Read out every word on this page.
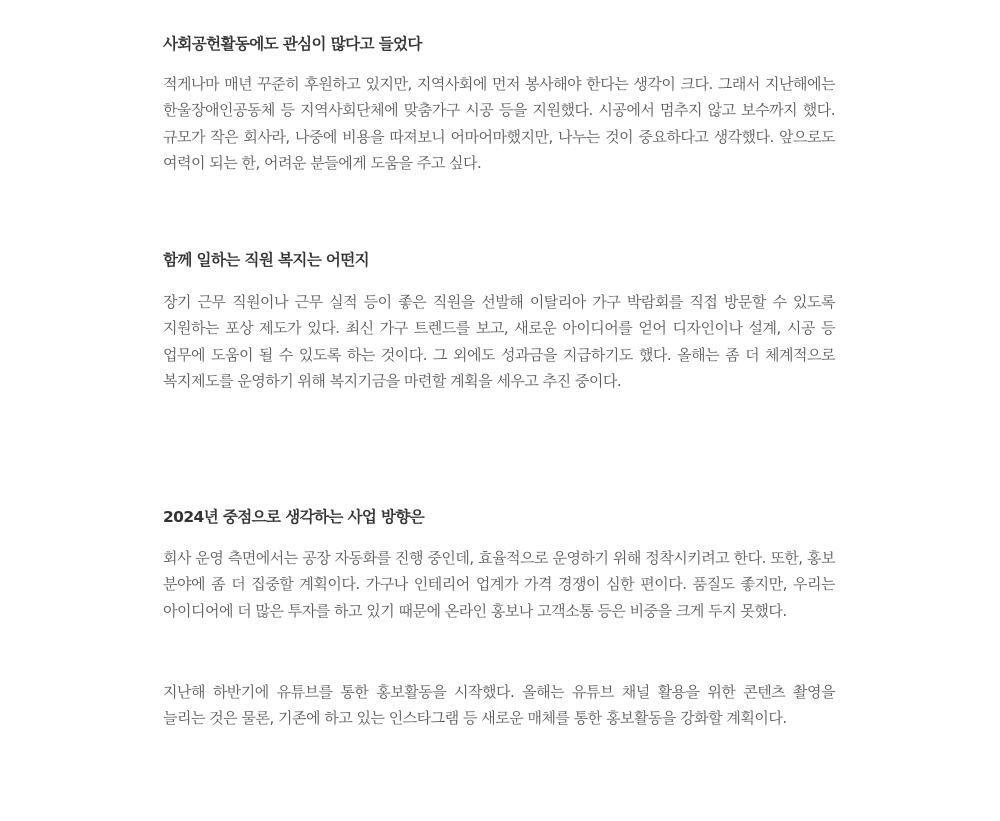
사회공헌활동에도 관심이 많다고 들었다

적게나마 매년 꾸준히 후원하고 있지만, 지역사회에 먼저 봉사해야 한다는 생각이 크다. 그래서 지난해에는 한울장애인공동체 등 지역사회단체에 맞춤가구 시공 등을 지원했다. 시공에서 멈추지 않고 보수까지 했다. 규모가 작은 회사라, 나중에 비용을 따져보니 어마어마했지만, 나누는 것이 중요하다고 생각했다. 앞으로도 여력이 되는 한, 어려운 분들에게 도움을 주고 싶다.

함께 일하는 직원 복지는 어떤지

장기 근무 직원이나 근무 실적 등이 좋은 직원을 선발해 이탈리아 가구 박람회를 직접 방문할 수 있도록 지원하는 포상 제도가 있다. 최신 가구 트렌드를 보고, 새로운 아이디어를 얻어 디자인이나 설계, 시공 등 업무에 도움이 될 수 있도록 하는 것이다. 그 외에도 성과금을 지급하기도 했다. 올해는 좀 더 체계적으로 복지제도를 운영하기 위해 복지기금을 마련할 계획을 세우고 추진 중이다.

2024년 중점으로 생각하는 사업 방향은

회사 운영 측면에서는 공장 자동화를 진행 중인데, 효율적으로 운영하기 위해 정착시키려고 한다. 또한, 홍보 분야에 좀 더 집중할 계획이다. 가구나 인테리어 업계가 가격 경쟁이 심한 편이다. 품질도 좋지만, 우리는 아이디어에 더 많은 투자를 하고 있기 때문에 온라인 홍보나 고객소통 등은 비중을 크게 두지 못했다.

지난해 하반기에 유튜브를 통한 홍보활동을 시작했다. 올해는 유튜브 채널 활용을 위한 콘텐츠 촬영을 늘리는 것은 물론, 기존에 하고 있는 인스타그램 등 새로운 매체를 통한 홍보활동을 강화할 계획이다.
